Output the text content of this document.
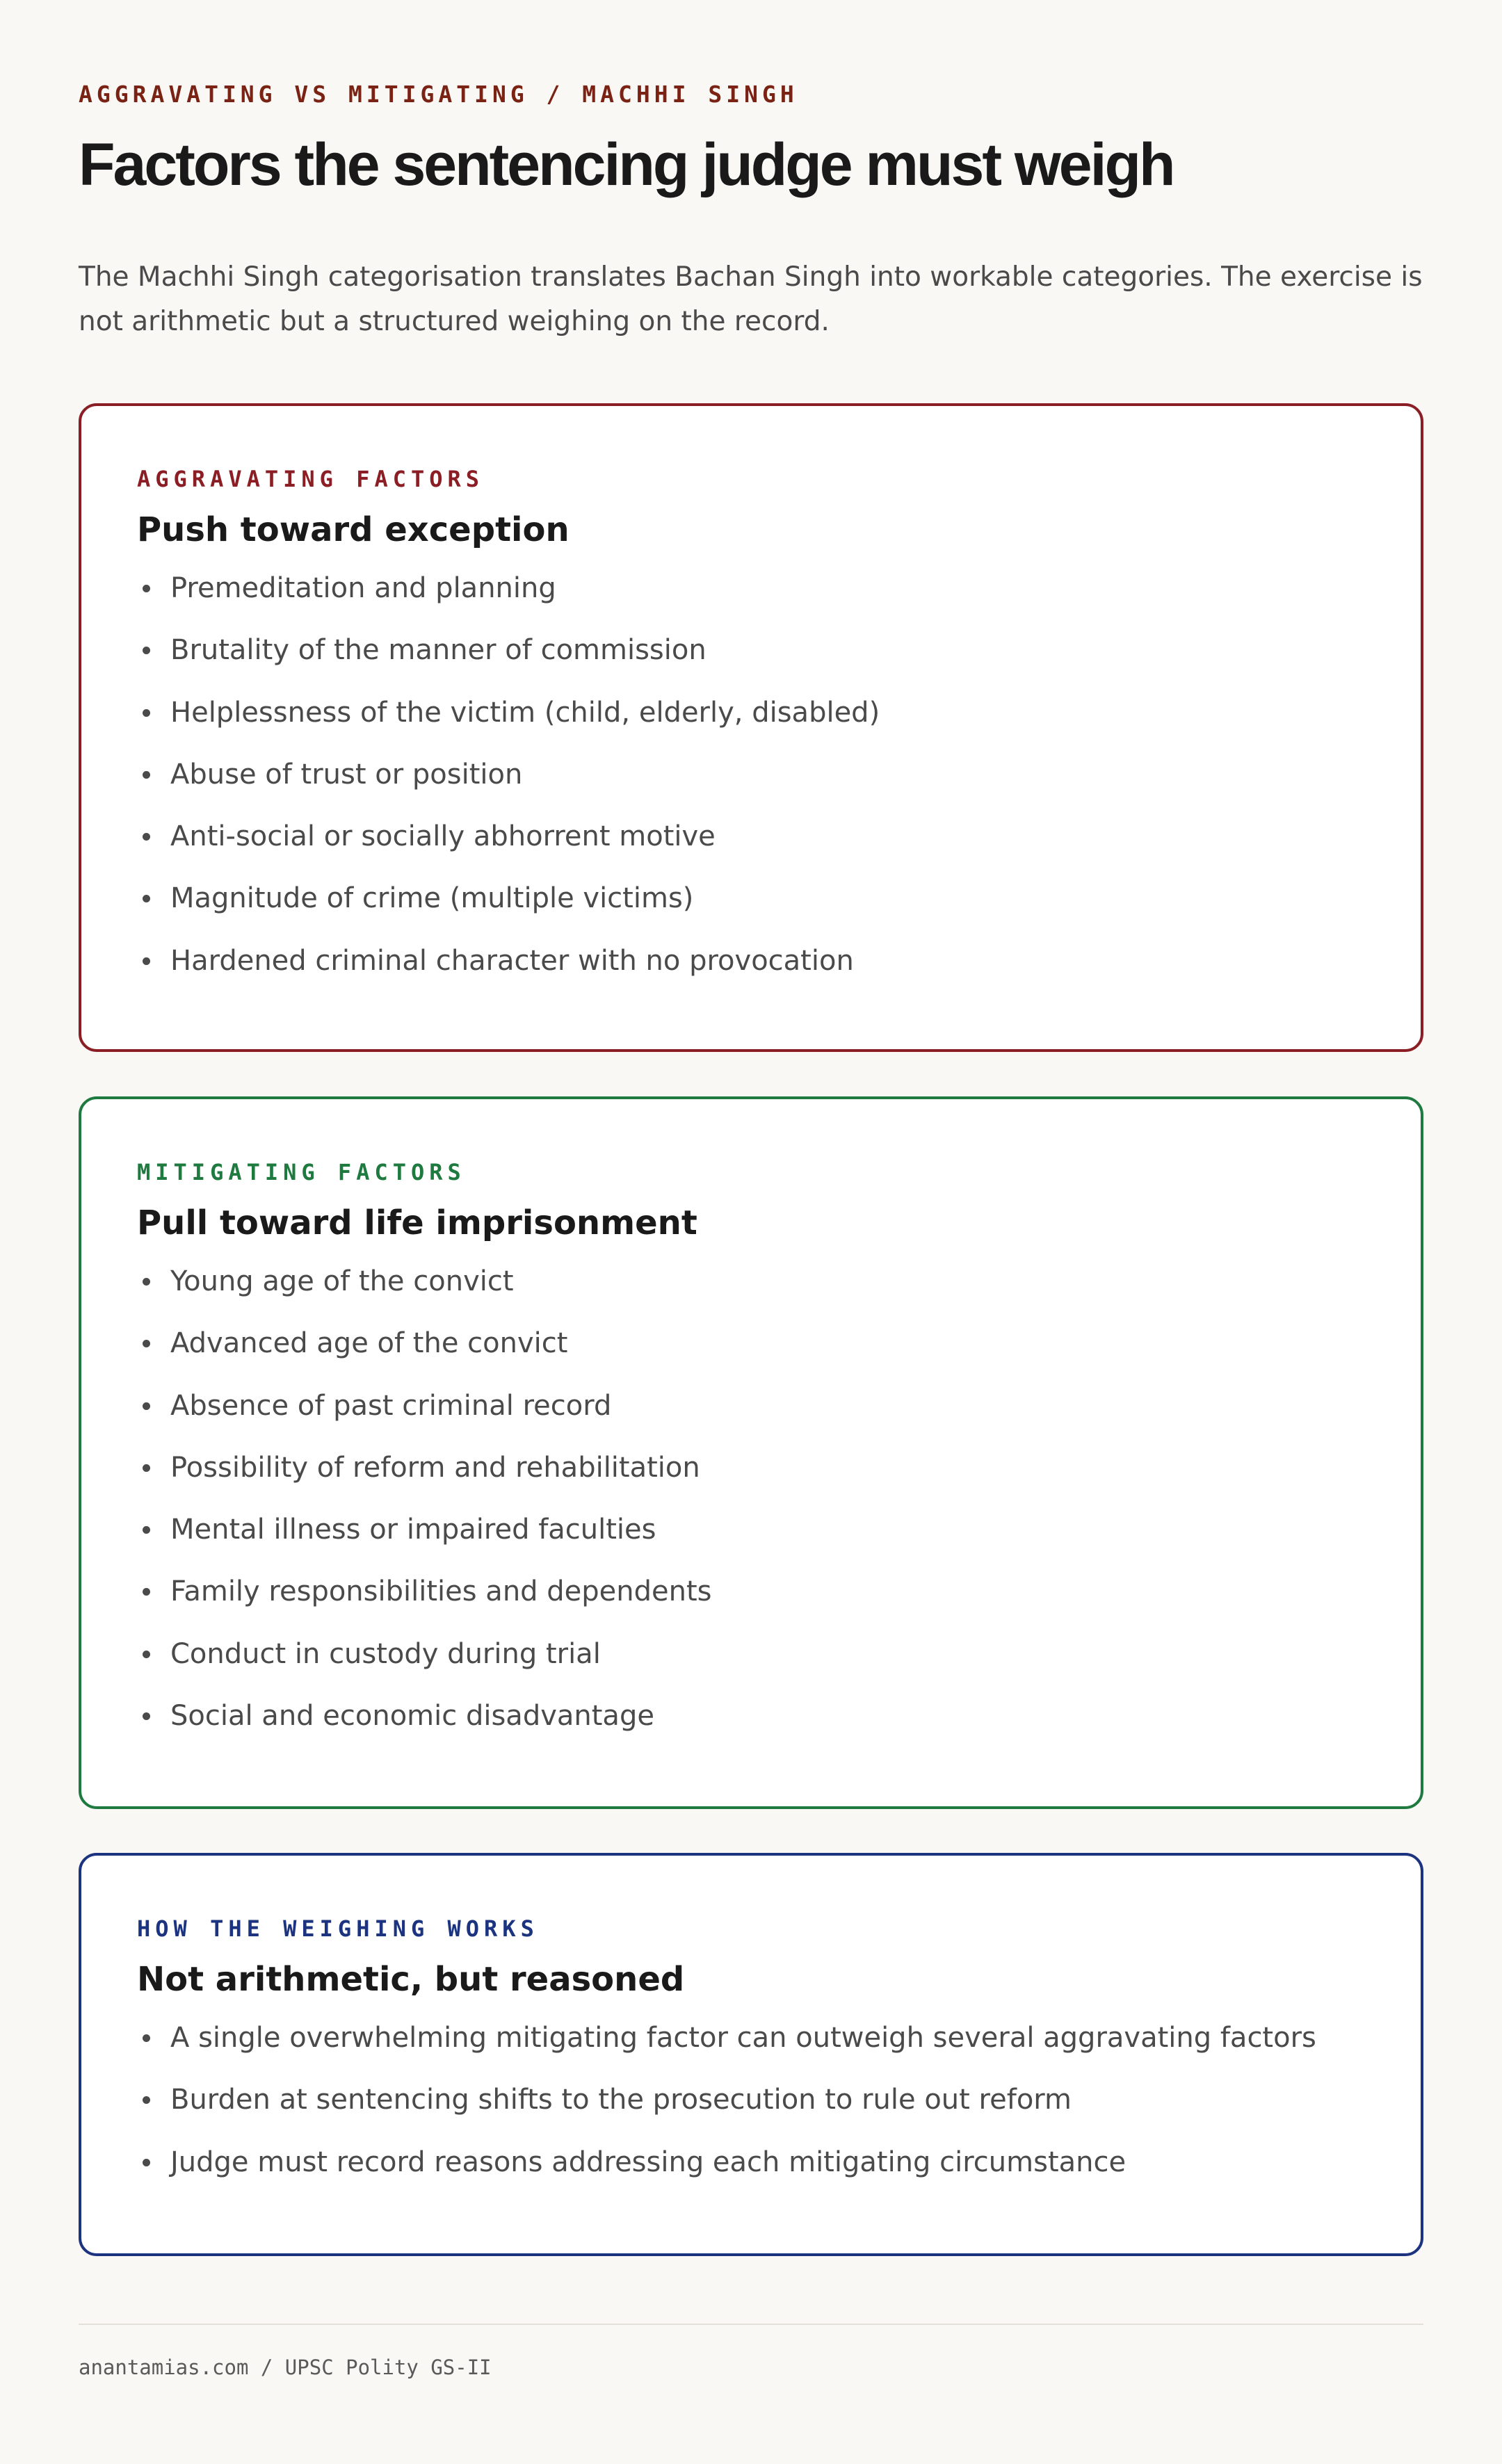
AGGRAVATING VS MITIGATING / MACHHI SINGH
Factors the sentencing judge must weigh

The Machhi Singh categorisation translates Bachan Singh into workable categories. The exercise is not arithmetic but a structured weighing on the record.

AGGRAVATING FACTORS
Push toward exception
Premeditation and planning
Brutality of the manner of commission
Helplessness of the victim (child, elderly, disabled)
Abuse of trust or position
Anti-social or socially abhorrent motive
Magnitude of crime (multiple victims)
Hardened criminal character with no provocation
MITIGATING FACTORS
Pull toward life imprisonment
Young age of the convict
Advanced age of the convict
Absence of past criminal record
Possibility of reform and rehabilitation
Mental illness or impaired faculties
Family responsibilities and dependents
Conduct in custody during trial
Social and economic disadvantage
HOW THE WEIGHING WORKS
Not arithmetic, but reasoned
A single overwhelming mitigating factor can outweigh several aggravating factors
Burden at sentencing shifts to the prosecution to rule out reform
Judge must record reasons addressing each mitigating circumstance
anantamias.com / UPSC Polity GS-II
